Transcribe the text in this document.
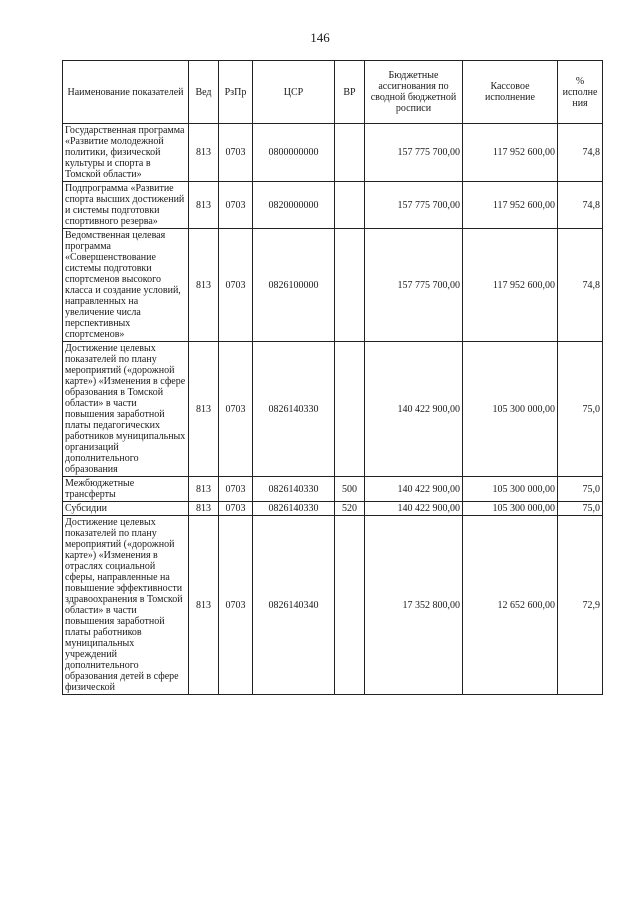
146
Наименование показателей	Вед	РзПр	ЦСР	ВР	Бюджетные ассигнования по сводной бюджетной росписи	Кассовое исполнение	% исполне ния
Государственная программа «Развитие молодежной политики, физической культуры и спорта в Томской области»	813	0703	0800000000		157 775 700,00	117 952 600,00	74,8
Подпрограмма «Развитие спорта высших достижений и системы подготовки спортивного резерва»	813	0703	0820000000		157 775 700,00	117 952 600,00	74,8
Ведомственная целевая программа «Совершенствование системы подготовки спортсменов высокого класса и создание условий, направленных на увеличение числа перспективных спортсменов»	813	0703	0826100000		157 775 700,00	117 952 600,00	74,8
Достижение целевых показателей по плану мероприятий («дорожной карте») «Изменения в сфере образования в Томской области» в части повышения заработной платы педагогических работников муниципальных организаций дополнительного образования	813	0703	0826140330		140 422 900,00	105 300 000,00	75,0
Межбюджетные трансферты	813	0703	0826140330	500	140 422 900,00	105 300 000,00	75,0
Субсидии	813	0703	0826140330	520	140 422 900,00	105 300 000,00	75,0
Достижение целевых показателей по плану мероприятий («дорожной карте») «Изменения в отраслях социальной сферы, направленные на повышение эффективности здравоохранения в Томской области» в части повышения заработной платы работников муниципальных учреждений дополнительного образования детей в сфере физической	813	0703	0826140340		17 352 800,00	12 652 600,00	72,9
